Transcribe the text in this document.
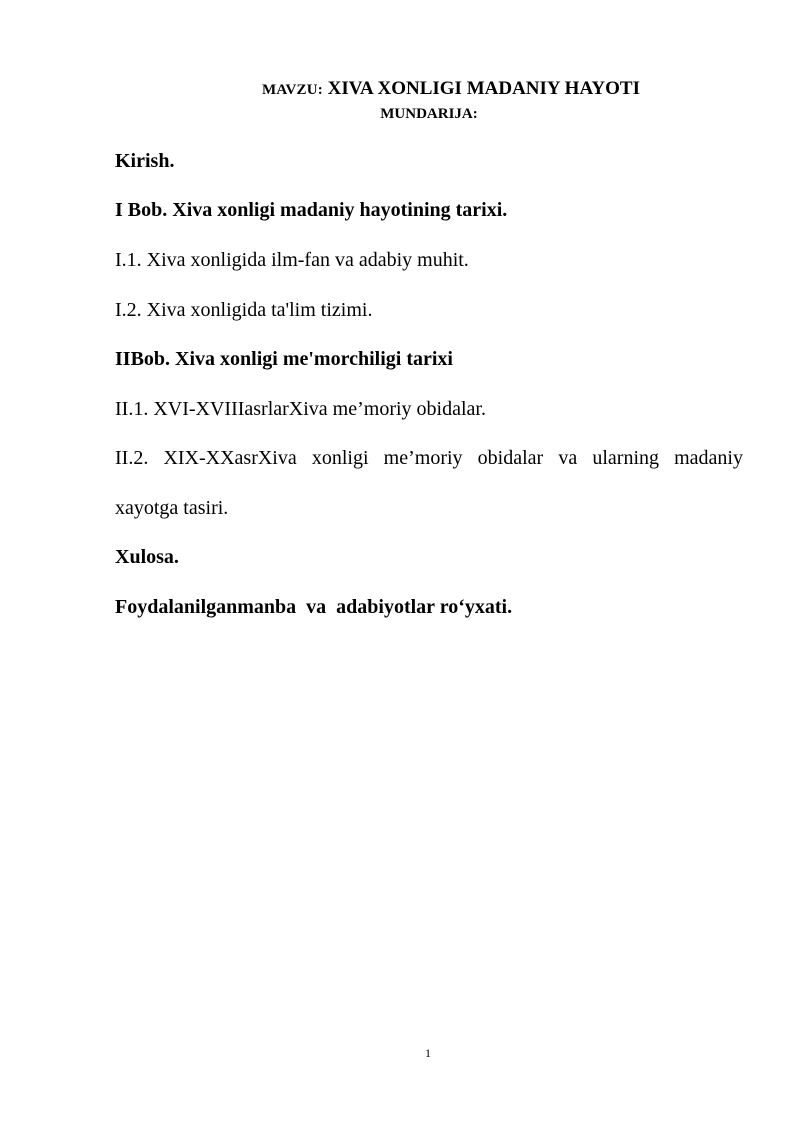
MAVZU: XIVA XONLIGI MADANIY HAYOTI
MUNDARIJA:
Kirish.
I Bob. Xiva xonligi madaniy hayotining tarixi.
I.1. Xiva xonligida ilm-fan va adabiy muhit.
I.2. Xiva xonligida ta'lim tizimi.
IIBob. Xiva xonligi me'morchiligi tarixi
II.1. XVI-XVIIIasrlarXiva me’moriy obidalar.
II.2. XIX-XXasrXiva xonligi me’moriy obidalar va ularning madaniy
xayotga tasiri.
Xulosa.
Foydalanilganmanba  va  adabiyotlar ro‘yxati.
1
